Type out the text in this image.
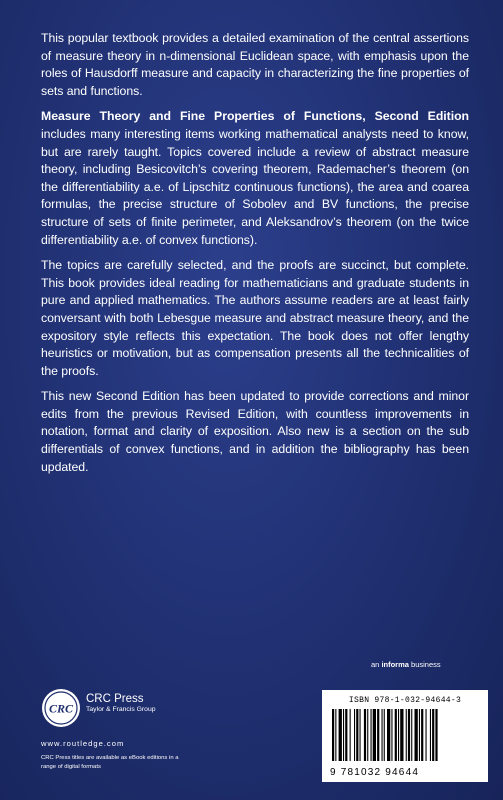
This popular textbook provides a detailed examination of the central assertions of measure theory in n-dimensional Euclidean space, with emphasis upon the roles of Hausdorff measure and capacity in characterizing the fine properties of sets and functions.

Measure Theory and Fine Properties of Functions, Second Edition includes many interesting items working mathematical analysts need to know, but are rarely taught. Topics covered include a review of abstract measure theory, including Besicovitch’s covering theorem, Rademacher’s theorem (on the differentiability a.e. of Lipschitz continuous functions), the area and coarea formulas, the precise structure of Sobolev and BV functions, the precise structure of sets of finite perimeter, and Aleksandrov’s theorem (on the twice differentiability a.e. of convex functions).

The topics are carefully selected, and the proofs are succinct, but complete. This book provides ideal reading for mathematicians and graduate students in pure and applied mathematics. The authors assume readers are at least fairly conversant with both Lebesgue measure and abstract measure theory, and the expository style reflects this expectation. The book does not offer lengthy heuristics or motivation, but as compensation presents all the technicalities of the proofs.

This new Second Edition has been updated to provide corrections and minor edits from the previous Revised Edition, with countless improvements in notation, format and clarity of exposition. Also new is a section on the sub differentials of convex functions, and in addition the bibliography has been updated.

an informa business
CRC
CRC Press
Taylor & Francis Group
www.routledge.com
CRC Press titles are available as eBook editions in a range of digital formats
ISBN 978-1-032-94644-3
9 781032 94644
